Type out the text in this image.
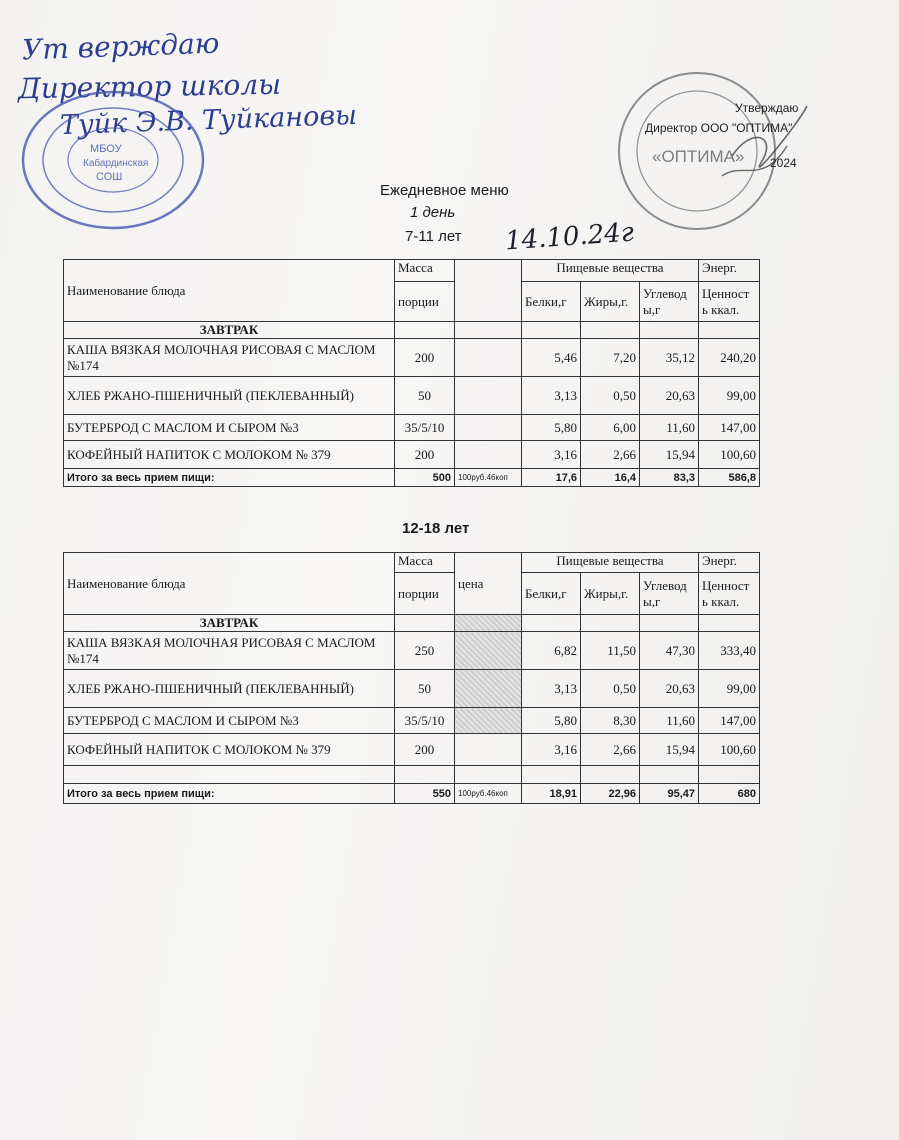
Ут верждаю
Директор школы
Туйк Э.В. Туйкановы
МБОУ
Кабардинская
СОШ
«ОПТИМА»
Утверждаю
Директор ООО "ОПТИМА"
2024
Ежедневное меню
1 день
7-11 лет 14.10.24г
Наименование блюда	Масса		Пищевые вещества			Энерг.
	порции		Белки,г	Жиры,г.	Углевод ы,г	Ценност ь ккал.
ЗАВТРАК						
КАША ВЯЗКАЯ МОЛОЧНАЯ РИСОВАЯ С МАСЛОМ №174	200		5,46	7,20	35,12	240,20
ХЛЕБ РЖАНО-ПШЕНИЧНЫЙ (ПЕКЛЕВАННЫЙ)	50		3,13	0,50	20,63	99,00
БУТЕРБРОД С МАСЛОМ И СЫРОМ №3	35/5/10		5,80	6,00	11,60	147,00
КОФЕЙНЫЙ НАПИТОК С МОЛОКОМ № 379	200		3,16	2,66	15,94	100,60
Итого за весь прием пищи:	500	100руб.46коп	17,6	16,4	83,3	586,8
12-18 лет
Наименование блюда	Масса	цена	Пищевые вещества			Энерг.
	порции		Белки,г	Жиры,г.	Углевод ы,г	Ценност ь ккал.
ЗАВТРАК						
КАША ВЯЗКАЯ МОЛОЧНАЯ РИСОВАЯ С МАСЛОМ №174	250		6,82	11,50	47,30	333,40
ХЛЕБ РЖАНО-ПШЕНИЧНЫЙ (ПЕКЛЕВАННЫЙ)	50		3,13	0,50	20,63	99,00
БУТЕРБРОД С МАСЛОМ И СЫРОМ №3	35/5/10		5,80	8,30	11,60	147,00
КОФЕЙНЫЙ НАПИТОК С МОЛОКОМ № 379	200		3,16	2,66	15,94	100,60

Итого за весь прием пищи:	550	100руб.46коп	18,91	22,96	95,47	680
